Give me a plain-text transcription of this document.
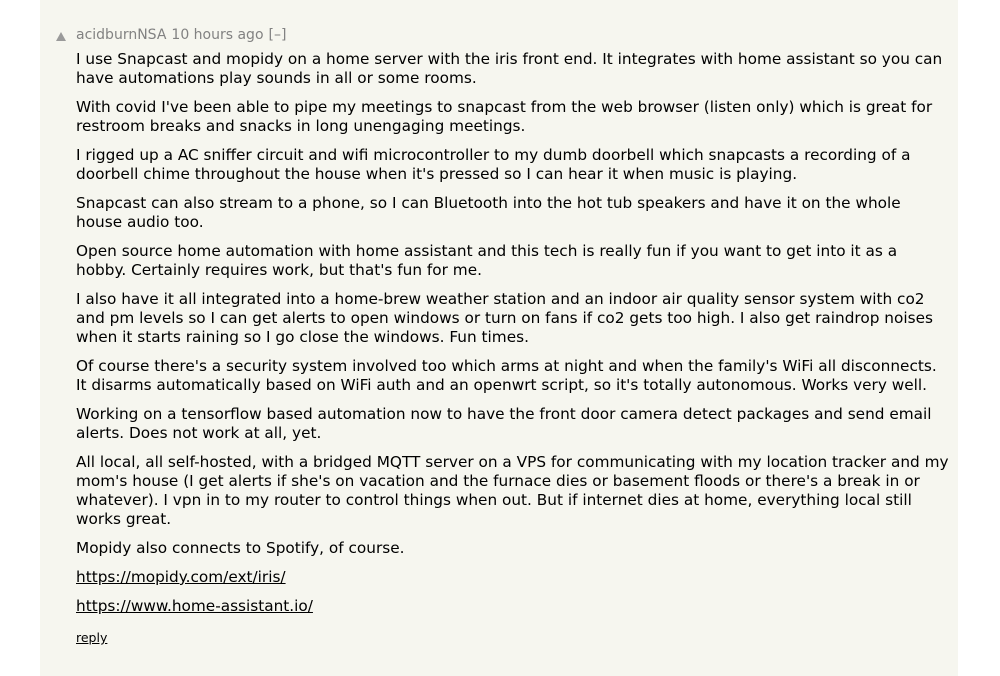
acidburnNSA 10 hours ago [–]

I use Snapcast and mopidy on a home server with the iris front end. It integrates with home assistant so you can have automations play sounds in all or some rooms.

With covid I've been able to pipe my meetings to snapcast from the web browser (listen only) which is great for restroom breaks and snacks in long unengaging meetings.

I rigged up a AC sniffer circuit and wifi microcontroller to my dumb doorbell which snapcasts a recording of a doorbell chime throughout the house when it's pressed so I can hear it when music is playing.

Snapcast can also stream to a phone, so I can Bluetooth into the hot tub speakers and have it on the whole house audio too.

Open source home automation with home assistant and this tech is really fun if you want to get into it as a hobby. Certainly requires work, but that's fun for me.

I also have it all integrated into a home-brew weather station and an indoor air quality sensor system with co2 and pm levels so I can get alerts to open windows or turn on fans if co2 gets too high. I also get raindrop noises when it starts raining so I go close the windows. Fun times.

Of course there's a security system involved too which arms at night and when the family's WiFi all disconnects. It disarms automatically based on WiFi auth and an openwrt script, so it's totally autonomous. Works very well.

Working on a tensorflow based automation now to have the front door camera detect packages and send email alerts. Does not work at all, yet.

All local, all self-hosted, with a bridged MQTT server on a VPS for communicating with my location tracker and my mom's house (I get alerts if she's on vacation and the furnace dies or basement floods or there's a break in or whatever). I vpn in to my router to control things when out. But if internet dies at home, everything local still works great.

Mopidy also connects to Spotify, of course.

https://mopidy.com/ext/iris/

https://www.home-assistant.io/

reply
